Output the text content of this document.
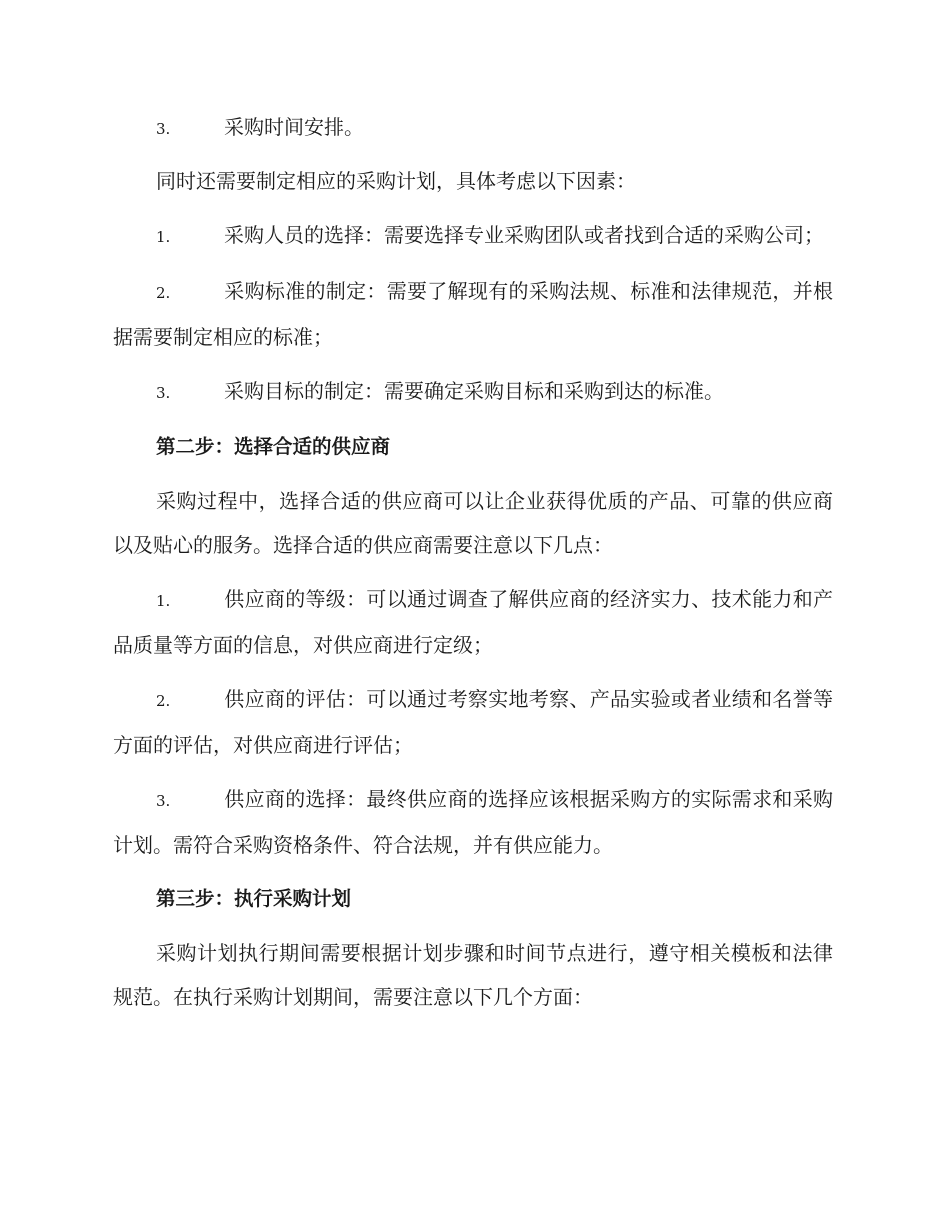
3.	采购时间安排。

同时还需要制定相应的采购计划，具体考虑以下因素：

1.	采购人员的选择：需要选择专业采购团队或者找到合适的采购公司；

2.	采购标准的制定：需要了解现有的采购法规、标准和法律规范，并根据需要制定相应的标准；

3.	采购目标的制定：需要确定采购目标和采购到达的标准。

第二步：选择合适的供应商

采购过程中，选择合适的供应商可以让企业获得优质的产品、可靠的供应商以及贴心的服务。选择合适的供应商需要注意以下几点：

1.	供应商的等级：可以通过调查了解供应商的经济实力、技术能力和产品质量等方面的信息，对供应商进行定级；

2.	供应商的评估：可以通过考察实地考察、产品实验或者业绩和名誉等方面的评估，对供应商进行评估；

3.	供应商的选择：最终供应商的选择应该根据采购方的实际需求和采购计划。需符合采购资格条件、符合法规，并有供应能力。

第三步：执行采购计划

采购计划执行期间需要根据计划步骤和时间节点进行，遵守相关模板和法律规范。在执行采购计划期间，需要注意以下几个方面：
